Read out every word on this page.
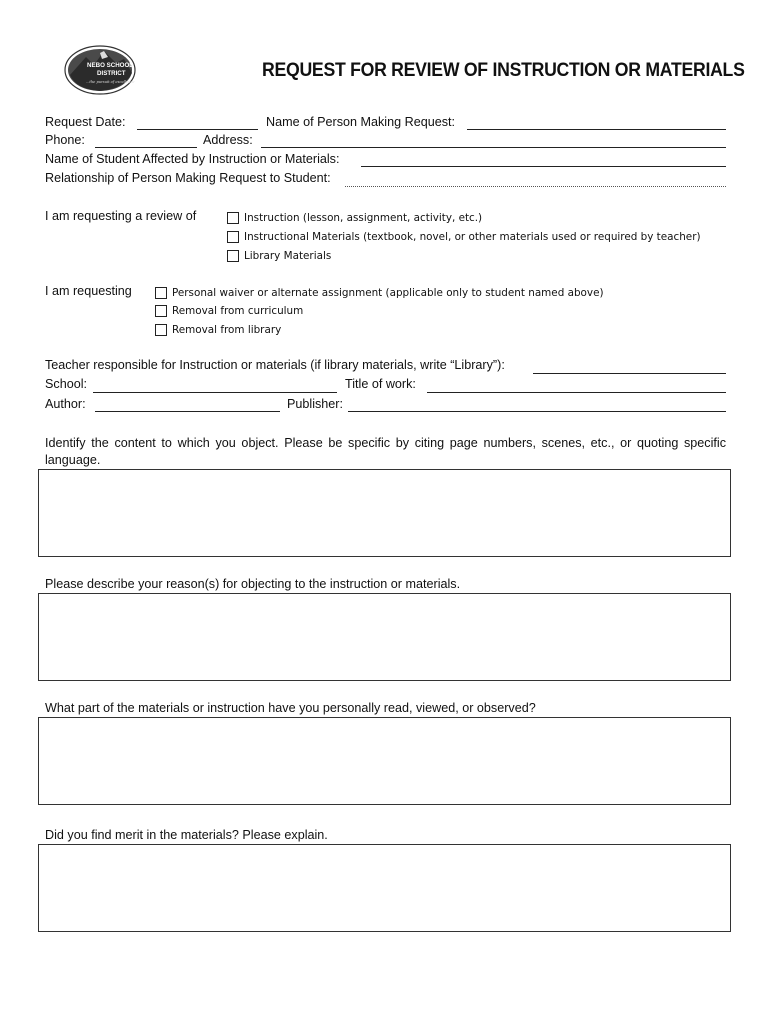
NEBO SCHOOL
DISTRICT
...the pursuit of excellence
REQUEST FOR REVIEW OF INSTRUCTION OR MATERIALS
Request Date:	Name of Person Making Request:
Phone:	Address:
Name of Student Affected by Instruction or Materials:
Relationship of Person Making Request to Student:
I am requesting a review of	Instruction (lesson, assignment, activity, etc.)
Instructional Materials (textbook, novel, or other materials used or required by teacher)
Library Materials
I am requesting	Personal waiver or alternate assignment (applicable only to student named above)
Removal from curriculum
Removal from library
Teacher responsible for Instruction or materials (if library materials, write “Library”):
School:	Title of work:
Author:	Publisher:
Identify the content to which you object. Please be specific by citing page numbers, scenes, etc., or quoting specific language.
Please describe your reason(s) for objecting to the instruction or materials.
What part of the materials or instruction have you personally read, viewed, or observed?
Did you find merit in the materials? Please explain.
